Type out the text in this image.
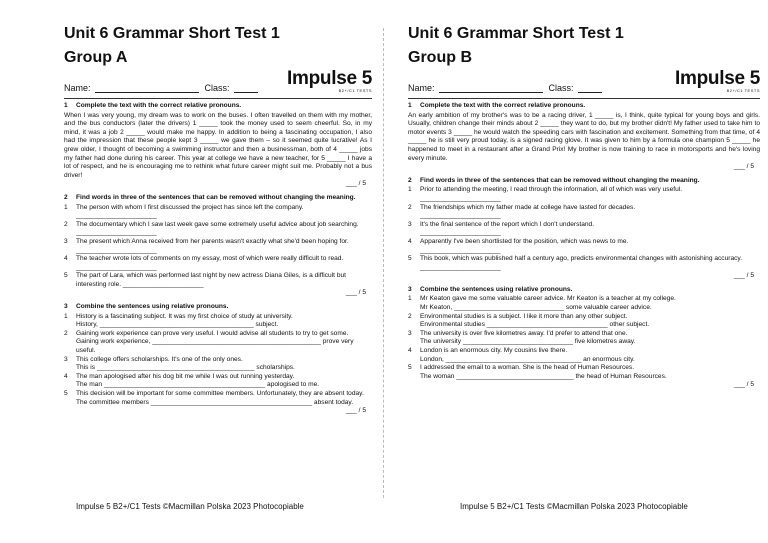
Unit 6 Grammar Short Test 1

Group A

Name:	Class:	Impulse 5
B2+/C1 TESTS
1	Complete the text with the correct relative pronouns.
When I was very young, my dream was to work on the buses. I often travelled on them with my mother, and the bus conductors (later the drivers) 1 _____ took the money used to seem cheerful. So, in my mind, it was a job 2 _____ would make me happy. In addition to being a fascinating occupation, I also had the impression that these people kept 3 _____ we gave them – so it seemed quite lucrative! As I grew older, I thought of becoming a swimming instructor and then a businessman, both of 4 _____ jobs my father had done during his career. This year at college we have a new teacher, for 5 _____ I have a lot of respect, and he is encouraging me to rethink what future career might suit me. Probably not a bus driver!
___ / 5
2	Find words in three of the sentences that can be removed without changing the meaning.
1	The person with whom I first discussed the project has since left the company.
______________________
2	The documentary which I saw last week gave some extremely useful advice about job searching. ______________________
3	The present which Anna received from her parents wasn't exactly what she'd been hoping for. ______________________
4	The teacher wrote lots of comments on my essay, most of which were really difficult to read. ______________________
5	The part of Lara, which was performed last night by new actress Diana Giles, is a difficult but interesting role. ______________________
___ / 5
3	Combine the sentences using relative pronouns.
1	History is a fascinating subject. It was my first choice of study at university.
History, __________________________________________ subject.
2	Gaining work experience can prove very useful. I would advise all students to try to get some.
Gaining work experience, ______________________________________________ prove very useful.
3	This college offers scholarships. It's one of the only ones.
This is ___________________________________________ scholarships.
4	The man apologised after his dog bit me while I was out running yesterday.
The man ____________________________________________ apologised to me.
5	This decision will be important for some committee members. Unfortunately, they are absent today.
The committee members ____________________________________________ absent today.
___ / 5

Unit 6 Grammar Short Test 1

Group B

Name:	Class:	Impulse 5
B2+/C1 TESTS
1	Complete the text with the correct relative pronouns.
An early ambition of my brother's was to be a racing driver, 1 _____ is, I think, quite typical for young boys and girls. Usually, children change their minds about 2 _____ they want to do, but my brother didn't! My father used to take him to motor events 3 _____ he would watch the speeding cars with fascination and excitement. Something from that time, of 4 _____ he is still very proud today, is a signed racing glove. It was given to him by a formula one champion 5 _____ he happened to meet in a restaurant after a Grand Prix! My brother is now training to race in motorsports and he's loving every minute.
___ / 5
2	Find words in three of the sentences that can be removed without changing the meaning.
1	Prior to attending the meeting, I read through the information, all of which was very useful. ______________________
2	The friendships which my father made at college have lasted for decades.
______________________
3	It's the final sentence of the report which I don't understand.
______________________
4	Apparently I've been shortlisted for the position, which was news to me.
______________________
5	This book, which was published half a century ago, predicts environmental changes with astonishing accuracy. ______________________
___ / 5
3	Combine the sentences using relative pronouns.
1	Mr Keaton gave me some valuable career advice. Mr Keaton is a teacher at my college.
Mr Keaton, ______________________________ some valuable career advice.
2	Environmental studies is a subject. I like it more than any other subject.
Environmental studies _________________________________ other subject.
3	The university is over five kilometres away. I'd prefer to attend that one.
The university ______________________________ five kilometres away.
4	London is an enormous city. My cousins live there.
London, _____________________________________ an enormous city.
5	I addressed the email to a woman. She is the head of Human Resources.
The woman ________________________________ the head of Human Resources.
___ / 5
Impulse 5 B2+/C1 Tests ©Macmillan Polska 2023 Photocopiable	Impulse 5 B2+/C1 Tests ©Macmillan Polska 2023 Photocopiable
